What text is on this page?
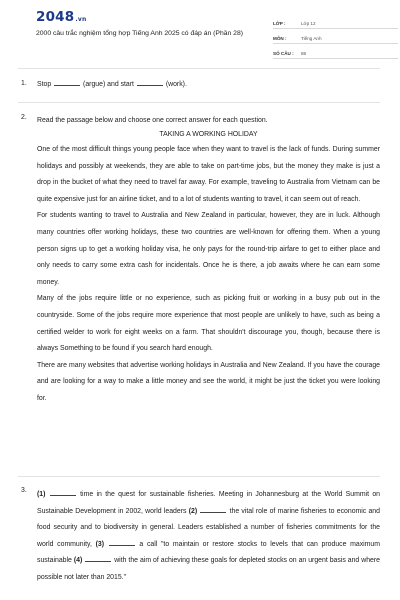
2048.vn
2000 câu trắc nghiệm tổng hợp Tiếng Anh 2025 có đáp án (Phần 28)
LỚP :	Lớp 12
MÔN :	Tiếng Anh
SỐ CÂU :	88
1.	Stop	(argue) and start	(work).
2.	Read the passage below and choose one correct answer for each question.
TAKING A WORKING HOLIDAY

One of the most difficult things young people face when they want to travel is the lack of funds. During summer holidays and possibly at weekends, they are able to take on part-time jobs, but the money they make is just a drop in the bucket of what they need to travel far away. For example, traveling to Australia from Vietnam can be quite expensive just for an airline ticket, and to a lot of students wanting to travel, it can seem out of reach.

For students wanting to travel to Australia and New Zealand in particular, however, they are in luck. Although many countries offer working holidays, these two countries are well-known for offering them. When a young person signs up to get a working holiday visa, he only pays for the round-trip airfare to get to either place and only needs to carry some extra cash for incidentals. Once he is there, a job awaits where he can earn some money.

Many of the jobs require little or no experience, such as picking fruit or working in a busy pub out in the countryside. Some of the jobs require more experience that most people are unlikely to have, such as being a certified welder to work for eight weeks on a farm. That shouldn't discourage you, though, because there is always Something to be found if you search hard enough.

There are many websites that advertise working holidays in Australia and New Zealand. If you have the courage and are looking for a way to make a little money and see the world, it might be just the ticket you were looking for.

3.

(1)	time in the quest for sustainable fisheries. Meeting in Johannesburg at the World Summit on Sustainable Development in 2002, world leaders (2)	the vital role of marine fisheries to economic and food security and to biodiversity in general. Leaders established a number of fisheries commitments for the world community, (3)	a call "to maintain or restore stocks to levels that can produce maximum sustainable (4)	with the aim of achieving these goals for depleted stocks on an urgent basis and where possible not later than 2015."
